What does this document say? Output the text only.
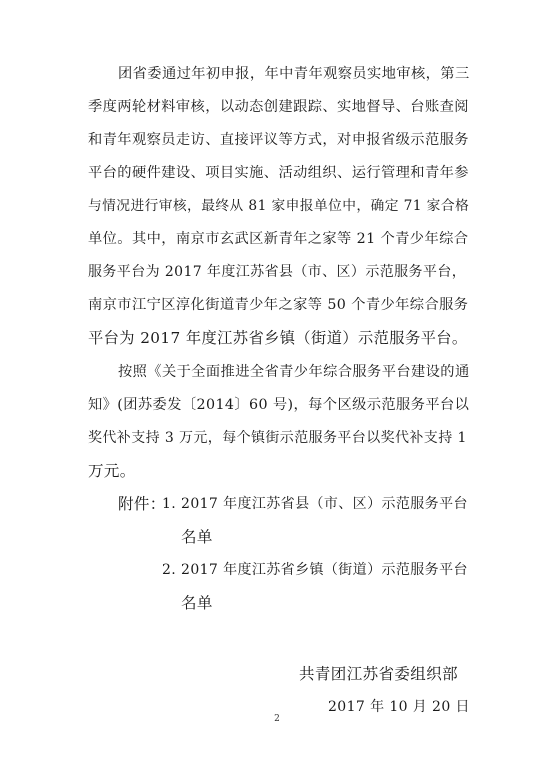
团省委通过年初申报，年中青年观察员实地审核，第三
季度两轮材料审核，以动态创建跟踪、实地督导、台账查阅
和青年观察员走访、直接评议等方式，对申报省级示范服务
平台的硬件建设、项目实施、活动组织、运行管理和青年参
与情况进行审核，最终从 81 家申报单位中，确定 71 家合格
单位。其中，南京市玄武区新青年之家等 21 个青少年综合
服务平台为 2017 年度江苏省县（市、区）示范服务平台，
南京市江宁区淳化街道青少年之家等 50 个青少年综合服务
平台为 2017 年度江苏省乡镇（街道）示范服务平台。
按照《关于全面推进全省青少年综合服务平台建设的通
知》(团苏委发〔2014〕60 号)，每个区级示范服务平台以
奖代补支持 3 万元，每个镇街示范服务平台以奖代补支持 1
万元。
附件：
1. 2017 年度江苏省县（市、区）示范服务平台
名单
2. 2017 年度江苏省乡镇（街道）示范服务平台
名单
共青团江苏省委组织部
2017 年 10 月 20 日
2
